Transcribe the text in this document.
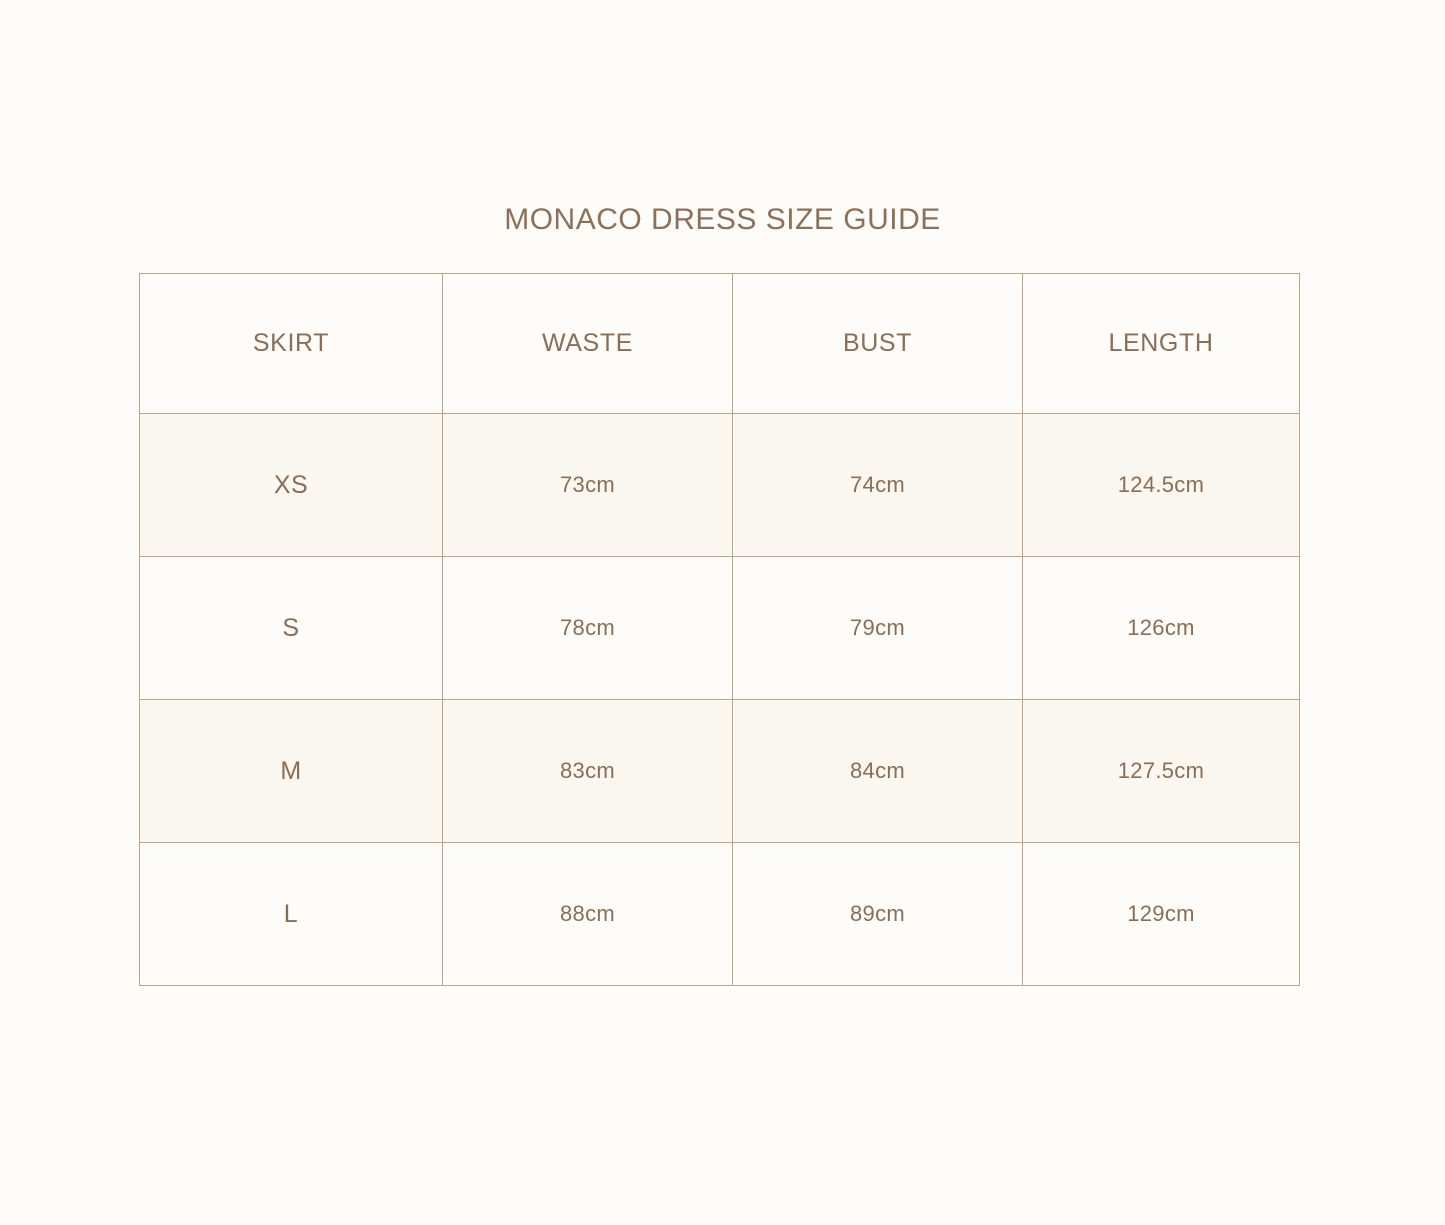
MONACO DRESS SIZE GUIDE
SKIRT	WASTE	BUST	LENGTH
XS	73cm	74cm	124.5cm
S	78cm	79cm	126cm
M	83cm	84cm	127.5cm
L	88cm	89cm	129cm
